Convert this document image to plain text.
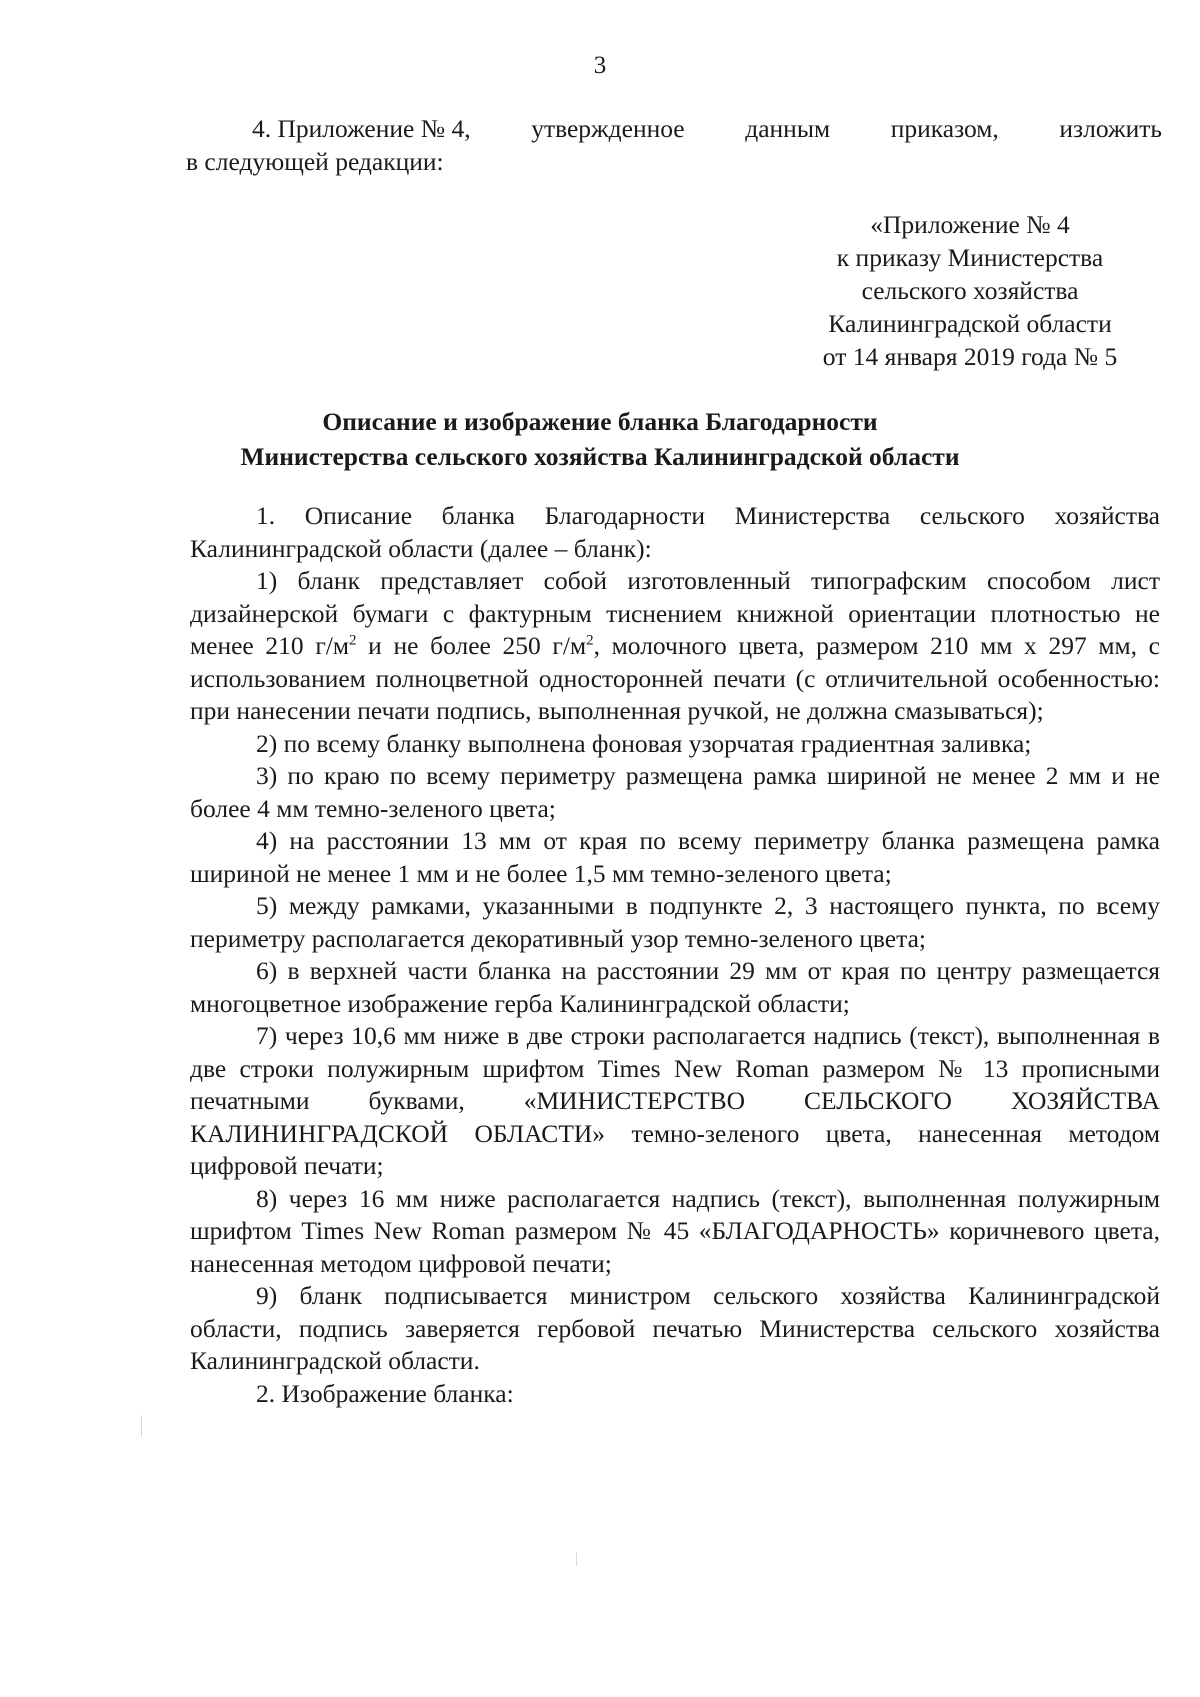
3
4. Приложение № 4, утвержденное данным приказом, изложить
в следующей редакции:
«Приложение № 4
к приказу Министерства
сельского хозяйства
Калининградской области
от 14 января 2019 года № 5
Описание и изображение бланка Благодарности
Министерства сельского хозяйства Калининградской области

1. Описание бланка Благодарности Министерства сельского хозяйства Калининградской области (далее – бланк):

1) бланк представляет собой изготовленный типографским способом лист дизайнерской бумаги с фактурным тиснением книжной ориентации плотностью не менее 210 $г/м^2$ и не более 250 $г/м^2$, молочного цвета, размером 210 мм x 297 мм, с использованием полноцветной односторонней печати (с отличительной особенностью: при нанесении печати подпись, выполненная ручкой, не должна смазываться);

2) по всему бланку выполнена фоновая узорчатая градиентная заливка;

3) по краю по всему периметру размещена рамка шириной не менее 2 мм и не более 4 мм темно-зеленого цвета;

4) на расстоянии 13 мм от края по всему периметру бланка размещена рамка шириной не менее 1 мм и не более 1,5 мм темно-зеленого цвета;

5) между рамками, указанными в подпункте 2, 3 настоящего пункта, по всему периметру располагается декоративный узор темно-зеленого цвета;

6) в верхней части бланка на расстоянии 29 мм от края по центру размещается многоцветное изображение герба Калининградской области;

7) через 10,6 мм ниже в две строки располагается надпись (текст), выполненная в две строки полужирным шрифтом Times New Roman размером № 13 прописными печатными буквами, «МИНИСТЕРСТВО СЕЛЬСКОГО ХОЗЯЙСТВА КАЛИНИНГРАДСКОЙ ОБЛАСТИ» темно-зеленого цвета, нанесенная методом цифровой печати;

8) через 16 мм ниже располагается надпись (текст), выполненная полужирным шрифтом Times New Roman размером № 45 «БЛАГОДАРНОСТЬ» коричневого цвета, нанесенная методом цифровой печати;

9) бланк подписывается министром сельского хозяйства Калининградской области, подпись заверяется гербовой печатью Министерства сельского хозяйства Калининградской области.

2. Изображение бланка:
